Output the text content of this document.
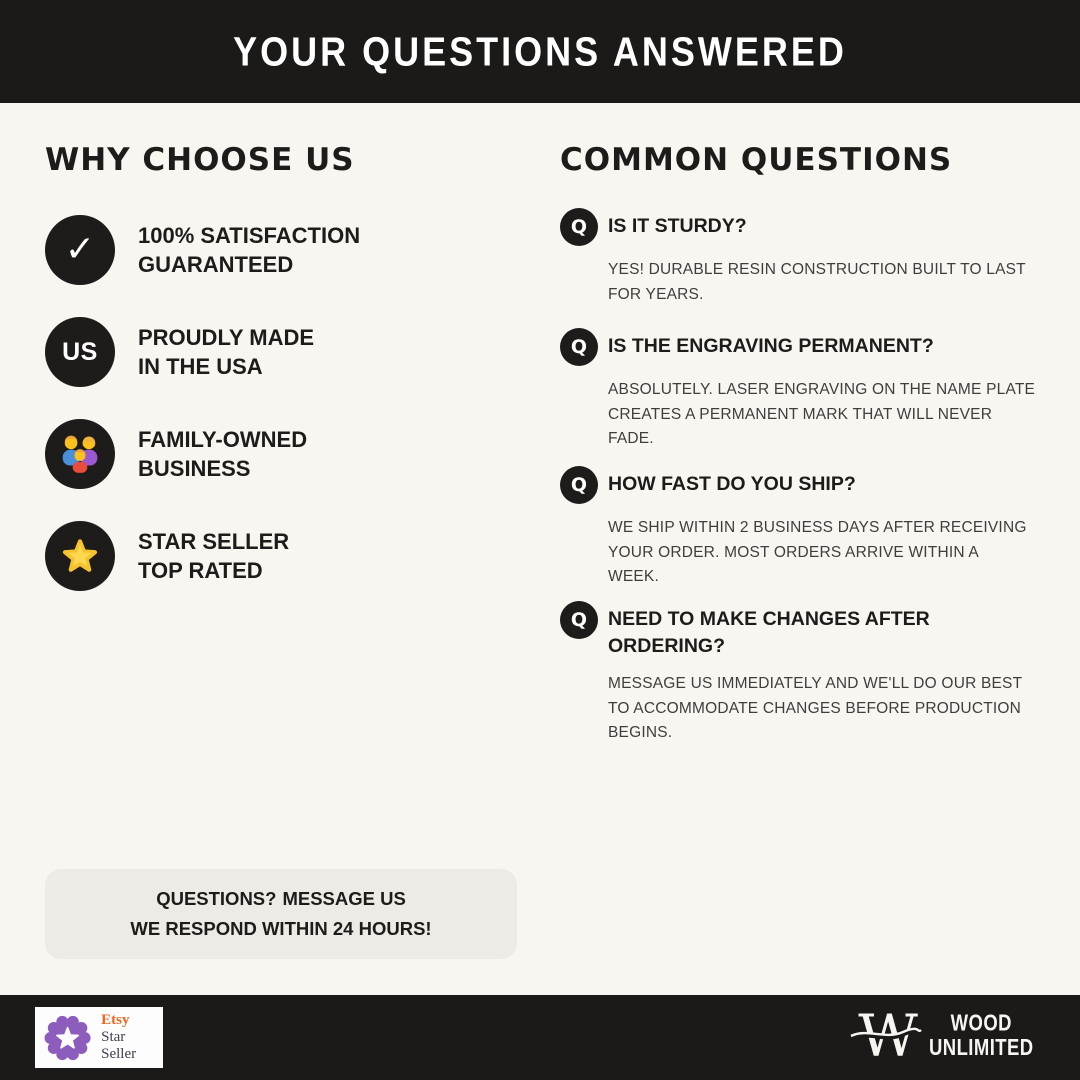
YOUR QUESTIONS ANSWERED
WHY CHOOSE US
✓ 100% SATISFACTION
GUARANTEED
US PROUDLY MADE
IN THE USA
FAMILY-OWNED
BUSINESS
STAR SELLER
TOP RATED
COMMON QUESTIONS
Q	IS IT STURDY?
YES! DURABLE RESIN CONSTRUCTION BUILT TO LAST
FOR YEARS.
Q	IS THE ENGRAVING PERMANENT?
ABSOLUTELY. LASER ENGRAVING ON THE NAME PLATE
CREATES A PERMANENT MARK THAT WILL NEVER
FADE.
Q	HOW FAST DO YOU SHIP?
WE SHIP WITHIN 2 BUSINESS DAYS AFTER RECEIVING
YOUR ORDER. MOST ORDERS ARRIVE WITHIN A
WEEK.
Q	NEED TO MAKE CHANGES AFTER
ORDERING?
MESSAGE US IMMEDIATELY AND WE'LL DO OUR BEST
TO ACCOMMODATE CHANGES BEFORE PRODUCTION
BEGINS.
QUESTIONS? MESSAGE US
WE RESPOND WITHIN 24 HOURS!
Etsy
Star Seller	W WOOD
UNLIMITED
